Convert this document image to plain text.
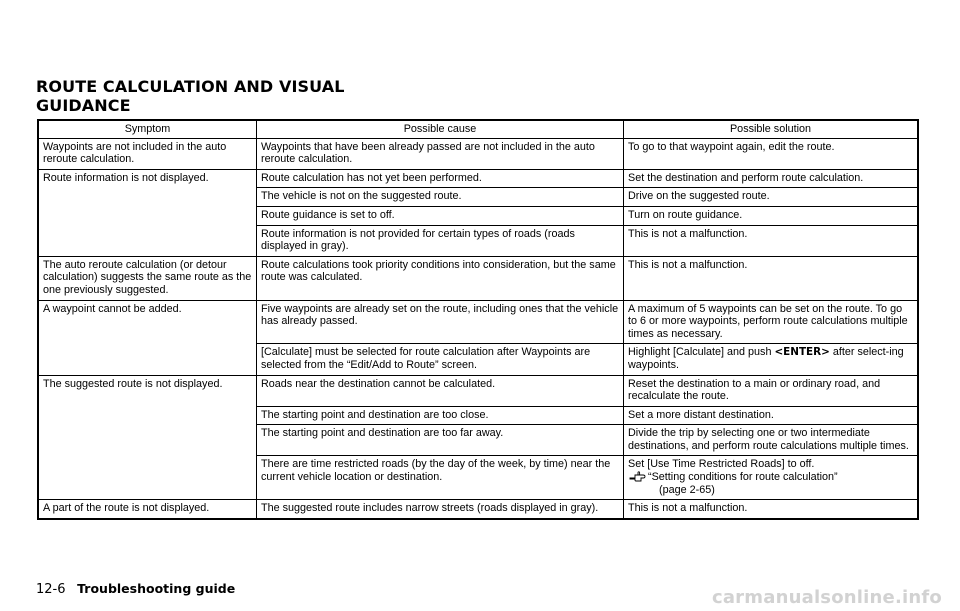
ROUTE CALCULATION AND VISUAL
GUIDANCE
Symptom	Possible cause	Possible solution
Waypoints are not included in the auto reroute calculation.	Waypoints that have been already passed are not included in the auto reroute calculation.	To go to that waypoint again, edit the route.
Route information is not displayed.	Route calculation has not yet been performed.	Set the destination and perform route calculation.
	The vehicle is not on the suggested route.	Drive on the suggested route.
	Route guidance is set to off.	Turn on route guidance.
	Route information is not provided for certain types of roads (roads displayed in gray).	This is not a malfunction.
The auto reroute calculation (or detour calculation) suggests the same route as the one previously suggested.	Route calculations took priority conditions into consideration, but the same route was calculated.	This is not a malfunction.
A waypoint cannot be added.	Five waypoints are already set on the route, including ones that the vehicle has already passed.	A maximum of 5 waypoints can be set on the route. To go to 6 or more waypoints, perform route calculations multiple times as necessary.
	[Calculate] must be selected for route calculation after Waypoints are selected from the “Edit/Add to Route” screen.	Highlight [Calculate] and push <ENTER> after select-ing waypoints.
The suggested route is not displayed.	Roads near the destination cannot be calculated.	Reset the destination to a main or ordinary road, and recalculate the route.
	The starting point and destination are too close.	Set a more distant destination.
	The starting point and destination are too far away.	Divide the trip by selecting one or two intermediate destinations, and perform route calculations multiple times.
	There are time restricted roads (by the day of the week, by time) near the current vehicle location or destination.	Set [Use Time Restricted Roads] to off.
“Setting conditions for route calculation”
(page 2-65)

A part of the route is not displayed.	The suggested route includes narrow streets (roads displayed in gray).	This is not a malfunction.
12-6 Troubleshooting guide	carmanualsonline.info
